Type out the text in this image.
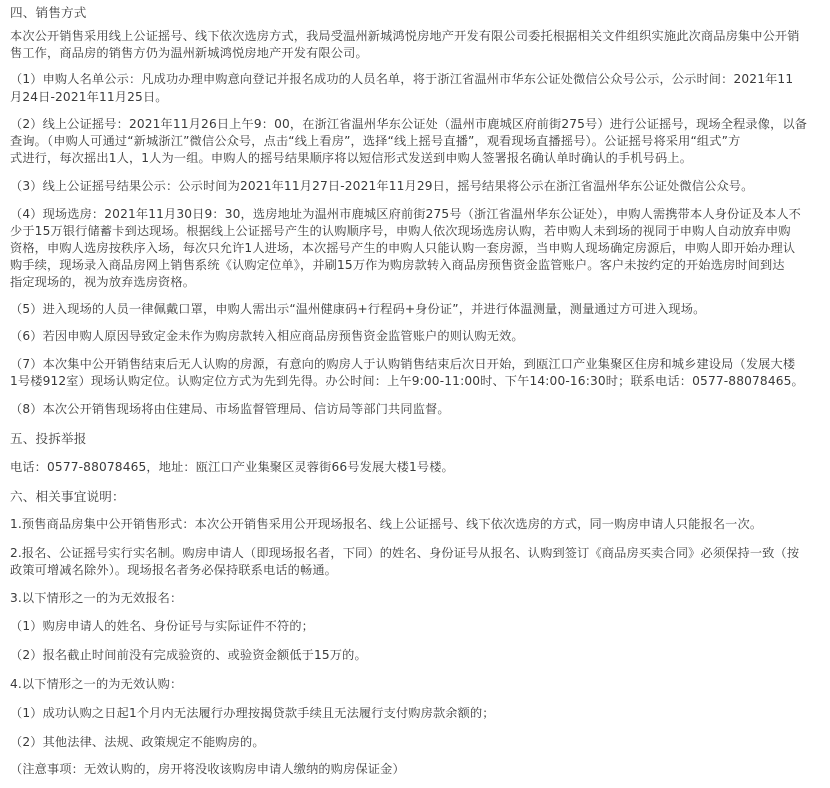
四、销售方式

本次公开销售采用线上公证摇号、线下依次选房方式，我局受温州新城鸿悦房地产开发有限公司委托根据相关文件组织实施此次商品房集中公开销

售工作，商品房的销售方仍为温州新城鸿悦房地产开发有限公司。

（1）申购人名单公示：凡成功办理申购意向登记并报名成功的人员名单，将于浙江省温州市华东公证处微信公众号公示，公示时间：2021年11

月24日-2021年11月25日。

（2）线上公证摇号：2021年11月26日上午9：00，在浙江省温州华东公证处（温州市鹿城区府前街275号）进行公证摇号，现场全程录像，以备

查询。（申购人可通过“新城浙江”微信公众号，点击“线上看房”，选择“线上摇号直播”，观看现场直播摇号）。公证摇号将采用“组式”方

式进行，每次摇出1人，1人为一组。申购人的摇号结果顺序将以短信形式发送到申购人签署报名确认单时确认的手机号码上。

（3）线上公证摇号结果公示：公示时间为2021年11月27日-2021年11月29日，摇号结果将公示在浙江省温州华东公证处微信公众号。

（4）现场选房：2021年11月30日9：30，选房地址为温州市鹿城区府前街275号（浙江省温州华东公证处），申购人需携带本人身份证及本人不

少于15万银行储蓄卡到达现场。根据线上公证摇号产生的认购顺序号，申购人依次现场选房认购，若申购人未到场的视同于申购人自动放弃申购

资格，申购人选房按秩序入场，每次只允许1人进场，本次摇号产生的申购人只能认购一套房源，当申购人现场确定房源后，申购人即开始办理认

购手续，现场录入商品房网上销售系统《认购定位单》，并刷15万作为购房款转入商品房预售资金监管账户。客户未按约定的开始选房时间到达

指定现场的，视为放弃选房资格。

（5）进入现场的人员一律佩戴口罩，申购人需出示“温州健康码+行程码+身份证”，并进行体温测量，测量通过方可进入现场。

（6）若因申购人原因导致定金未作为购房款转入相应商品房预售资金监管账户的则认购无效。

（7）本次集中公开销售结束后无人认购的房源，有意向的购房人于认购销售结束后次日开始，到瓯江口产业集聚区住房和城乡建设局（发展大楼

1号楼912室）现场认购定位。认购定位方式为先到先得。办公时间：上午9:00-11:00时、下午14:00-16:30时；联系电话：0577-88078465。

（8）本次公开销售现场将由住建局、市场监督管理局、信访局等部门共同监督。

五、投拆举报

电话：0577-88078465，地址：瓯江口产业集聚区灵蓉街66号发展大楼1号楼。

六、相关事宜说明：

1.预售商品房集中公开销售形式：本次公开销售采用公开现场报名、线上公证摇号、线下依次选房的方式，同一购房申请人只能报名一次。

2.报名、公证摇号实行实名制。购房申请人（即现场报名者，下同）的姓名、身份证号从报名、认购到签订《商品房买卖合同》必须保持一致（按

政策可增减名除外）。现场报名者务必保持联系电话的畅通。

3.以下情形之一的为无效报名：

（1）购房申请人的姓名、身份证号与实际证件不符的；

（2）报名截止时间前没有完成验资的、或验资金额低于15万的。

4.以下情形之一的为无效认购：

（1）成功认购之日起1个月内无法履行办理按揭贷款手续且无法履行支付购房款余额的；

（2）其他法律、法规、政策规定不能购房的。

（注意事项：无效认购的，房开将没收该购房申请人缴纳的购房保证金）
